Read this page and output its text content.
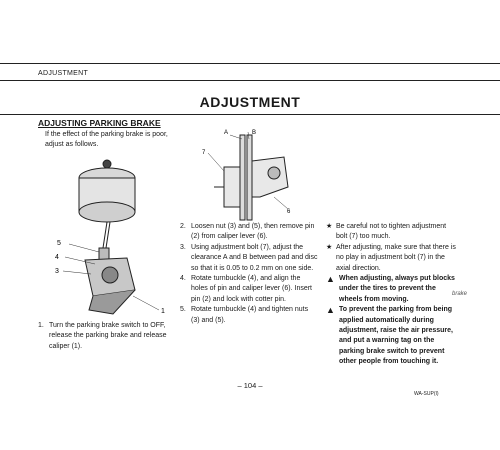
ADJUSTMENT
ADJUSTMENT
ADJUSTING PARKING BRAKE
If the effect of the parking brake is poor, adjust as follows.
5
4
3
1
A	B
7
6
1. Turn the parking brake switch to OFF, release the parking brake and release caliper (1).
2. Loosen nut (3) and (5), then remove pin (2) from caliper lever (6).
3. Using adjustment bolt (7), adjust the clearance A and B between pad and disc so that it is 0.05 to 0.2 mm on one side.
4. Rotate turnbuckle (4), and align the holes of pin and caliper lever (6). Insert pin (2) and lock with cotter pin.
5. Rotate turnbuckle (4) and tighten nuts (3) and (5).
★ Be careful not to tighten adjustment bolt (7) too much.
★ After adjusting, make sure that there is no play in adjustment bolt (7) in the axial direction.
▲ When adjusting, always put blocks under the tires to prevent the wheels from moving.
▲ To prevent the parking from being applied automatically during adjustment, raise the air pressure, and put a warning tag on the parking brake switch to prevent other people from touching it.
brake
– 104 –
WA-SUP(I)
